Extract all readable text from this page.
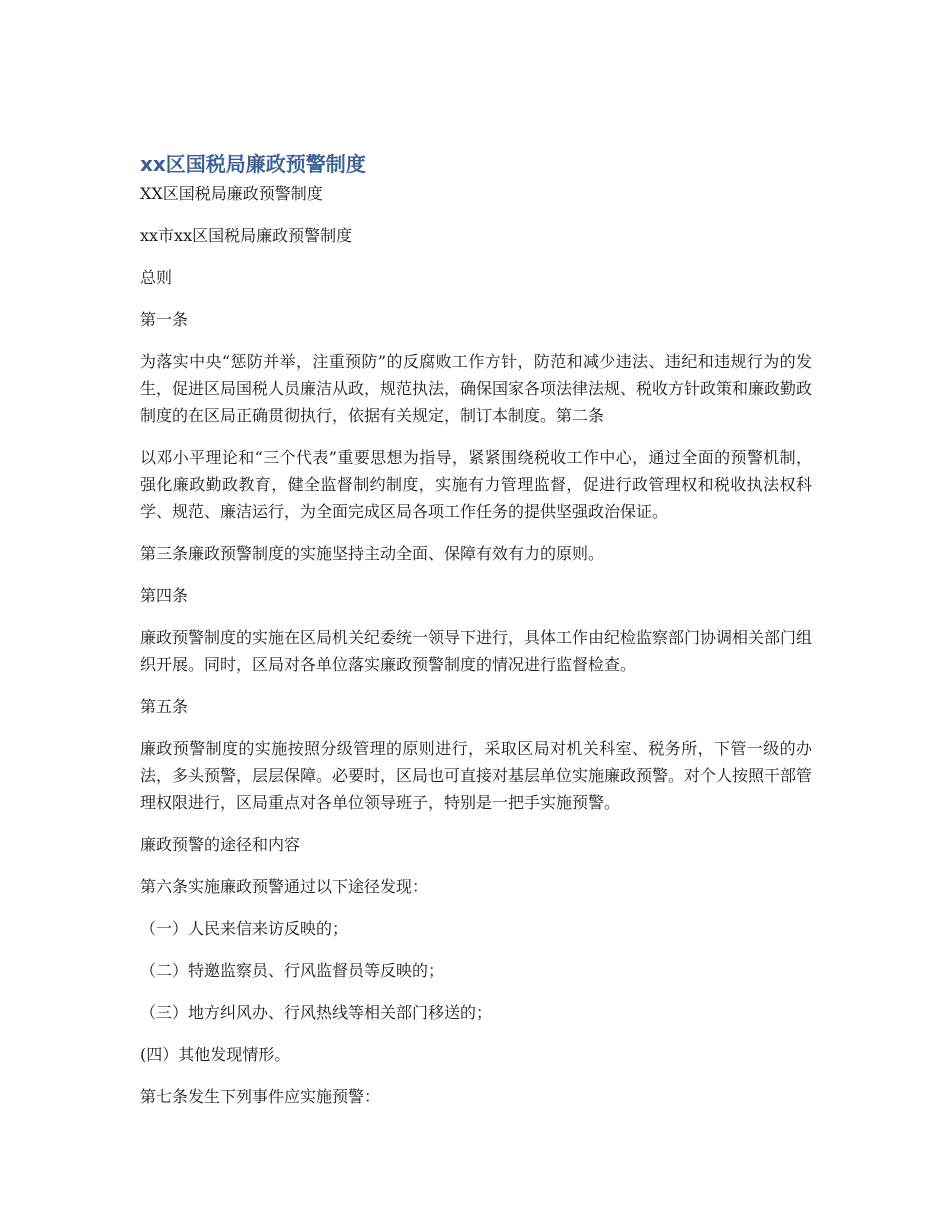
xx区国税局廉政预警制度

XX区国税局廉政预警制度

xx市xx区国税局廉政预警制度

总则

第一条

为落实中央“惩防并举，注重预防”的反腐败工作方针，防范和减少违法、违纪和违规行为的发生，促进区局国税人员廉洁从政，规范执法，确保国家各项法律法规、税收方针政策和廉政勤政制度的在区局正确贯彻执行，依据有关规定，制订本制度。第二条

以邓小平理论和“三个代表”重要思想为指导，紧紧围绕税收工作中心，通过全面的预警机制，强化廉政勤政教育，健全监督制约制度，实施有力管理监督，促进行政管理权和税收执法权科学、规范、廉洁运行，为全面完成区局各项工作任务的提供坚强政治保证。

第三条廉政预警制度的实施坚持主动全面、保障有效有力的原则。

第四条

廉政预警制度的实施在区局机关纪委统一领导下进行，具体工作由纪检监察部门协调相关部门组织开展。同时，区局对各单位落实廉政预警制度的情况进行监督检查。

第五条

廉政预警制度的实施按照分级管理的原则进行，采取区局对机关科室、税务所，下管一级的办法，多头预警，层层保障。必要时，区局也可直接对基层单位实施廉政预警。对个人按照干部管理权限进行，区局重点对各单位领导班子，特别是一把手实施预警。

廉政预警的途径和内容

第六条实施廉政预警通过以下途径发现：

（一）人民来信来访反映的；

（二）特邀监察员、行风监督员等反映的；

（三）地方纠风办、行风热线等相关部门移送的；

(四）其他发现情形。

第七条发生下列事件应实施预警：
